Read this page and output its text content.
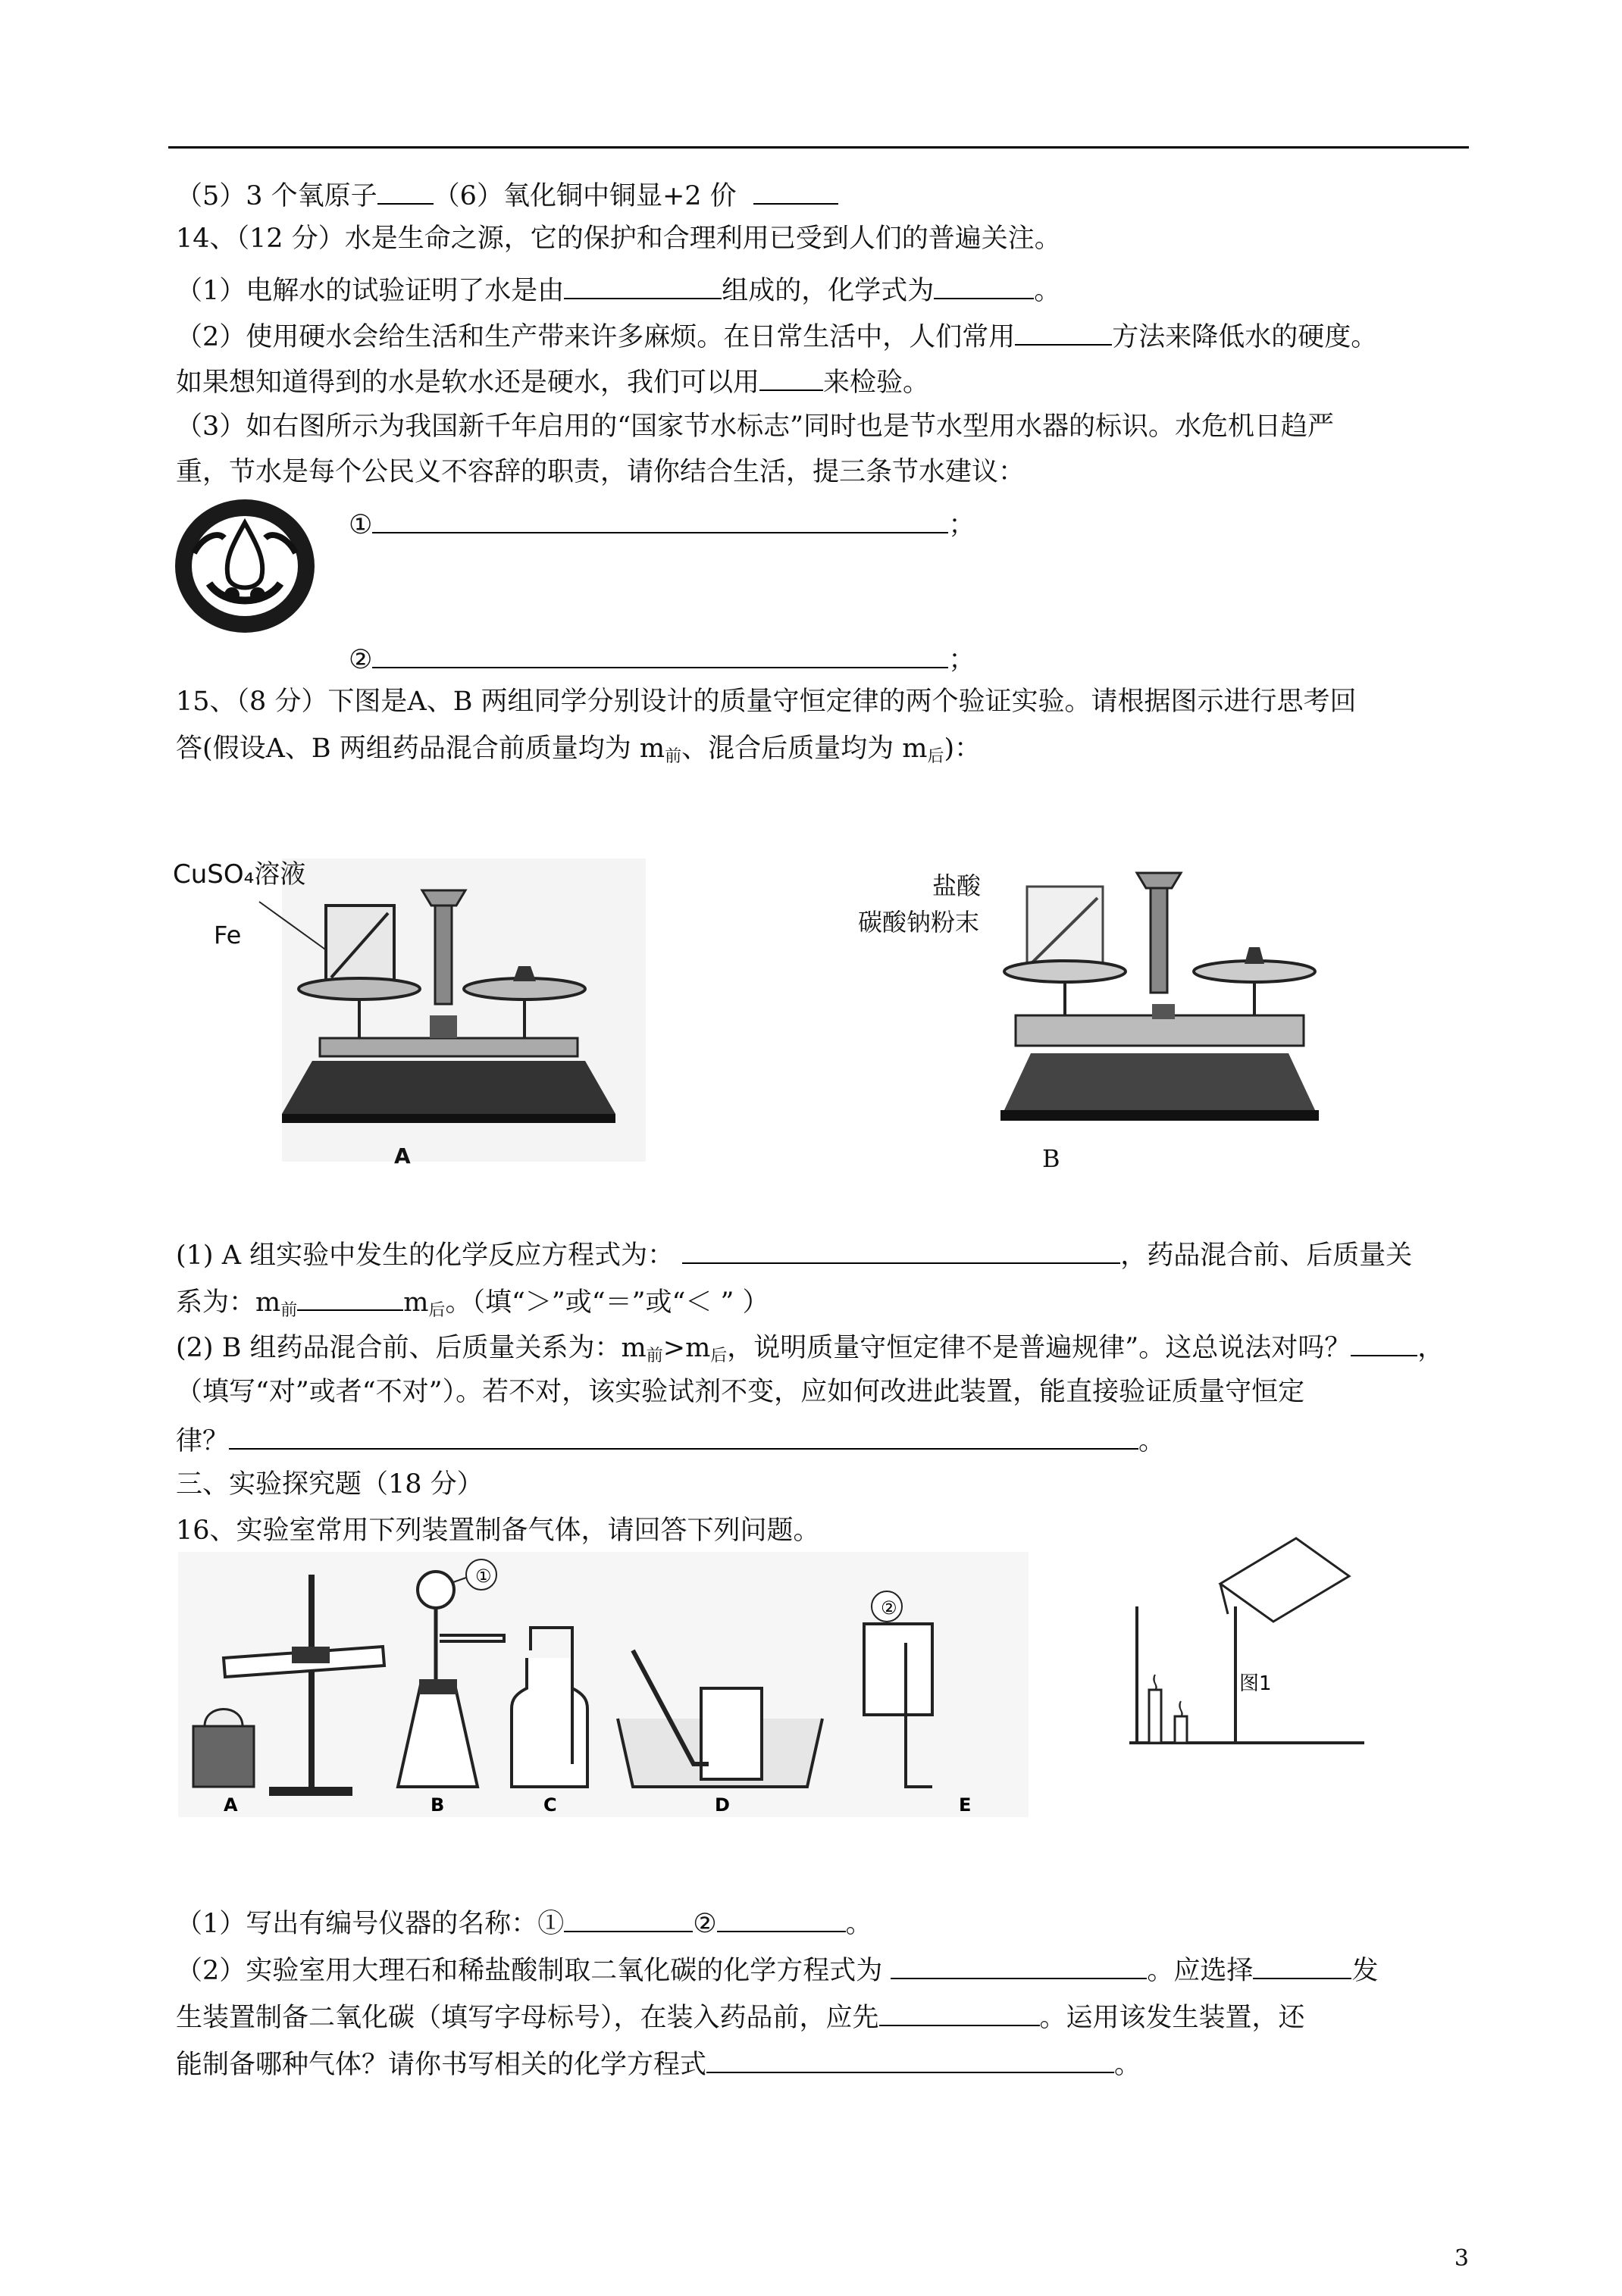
（5）3 个氧原子 （6）氧化铜中铜显+2 价
14、（12 分）水是生命之源，它的保护和合理利用已受到人们的普遍关注。
（1）电解水的试验证明了水是由	组成的，化学式为	。
（2）使用硬水会给生活和生产带来许多麻烦。在日常生活中，人们常用	方法来降低水的硬度。
如果想知道得到的水是软水还是硬水，我们可以用 来检验。
（3）如右图所示为我国新千年启用的“国家节水标志”同时也是节水型用水器的标识。水危机日趋严
重，节水是每个公民义不容辞的职责，请你结合生活，提三条节水建议：
①	；
②	；
15、（8 分）下图是A、B 两组同学分别设计的质量守恒定律的两个验证实验。请根据图示进行思考回
答(假设A、B 两组药品混合前质量均为 $m_前$、混合后质量均为 $m_后$)：
CuSO₄溶液
Fe
A
盐酸
碳酸钠粉末
B
(1) A 组实验中发生的化学反应方程式为：	，药品混合前、后质量关
系为：$m_前$	$m_后$。（填“＞”或“＝”或“＜ ” ）
(2) B 组药品混合前、后质量关系为：$m_前>m_后$，说明质量守恒定律不是普遍规律”。这总说法对吗？	，
（填写“对”或者“不对”）。若不对，该实验试剂不变，应如何改进此装置，能直接验证质量守恒定
律？	。
三、实验探究题（18 分）
16、实验室常用下列装置制备气体，请回答下列问题。
A
①
B	C	D
②
E
图1
（1）写出有编号仪器的名称：①	②	。
（2）实验室用大理石和稀盐酸制取二氧化碳的化学方程式为	。应选择	发
生装置制备二氧化碳（填写字母标号），在装入药品前，应先	。运用该发生装置，还
能制备哪种气体？请你书写相关的化学方程式	。
3
